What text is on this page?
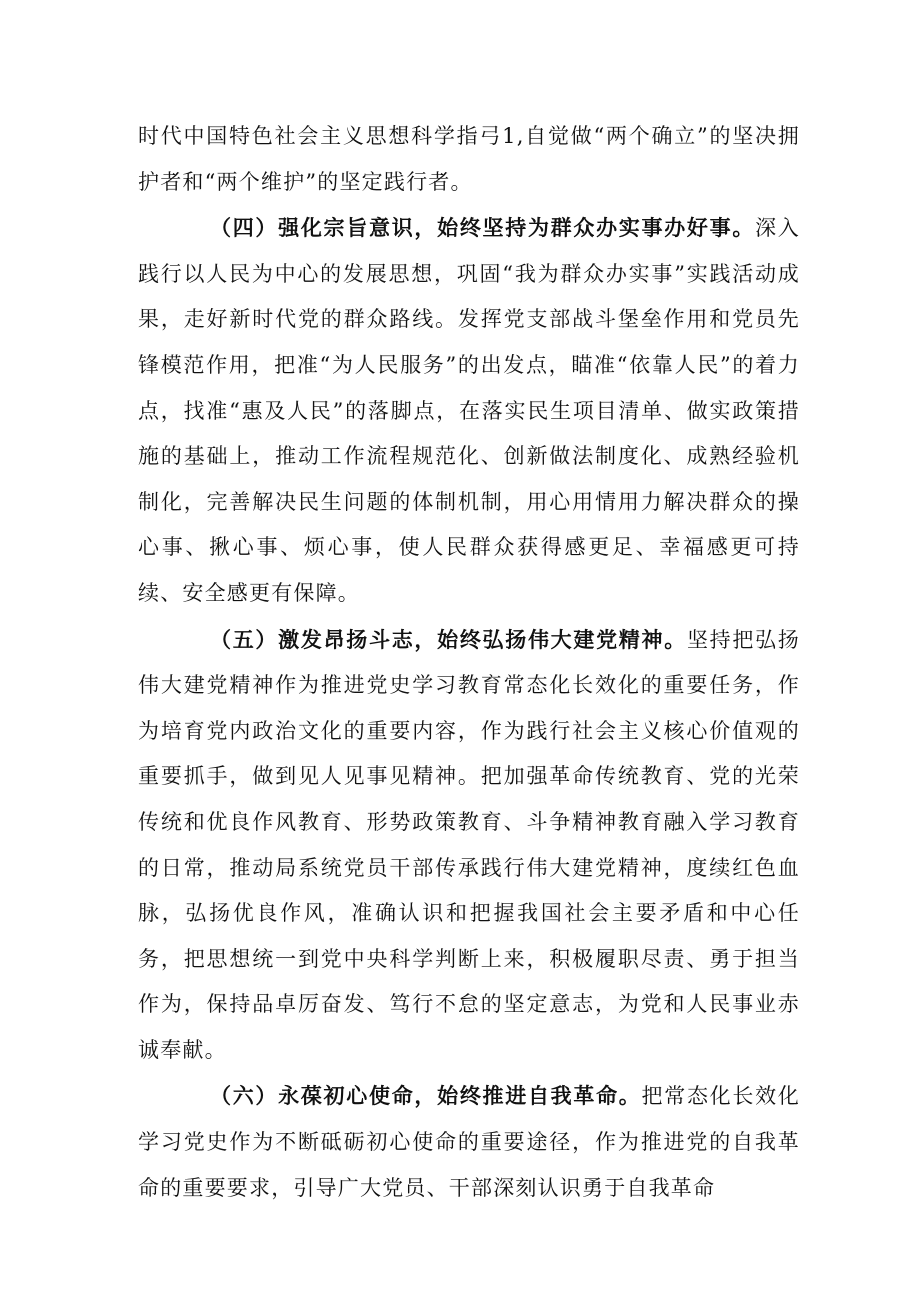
时代中国特色社会主义思想科学指弓1,自觉做“两个确立”的坚决拥护者和“两个维护”的坚定践行者。

（四）强化宗旨意识，始终坚持为群众办实事办好事。深入践行以人民为中心的发展思想，巩固“我为群众办实事”实践活动成果，走好新时代党的群众路线。发挥党支部战斗堡垒作用和党员先锋模范作用，把准“为人民服务”的出发点，瞄准“依靠人民”的着力点，找准“惠及人民”的落脚点，在落实民生项目清单、做实政策措施的基础上，推动工作流程规范化、创新做法制度化、成熟经验机制化，完善解决民生问题的体制机制，用心用情用力解决群众的操心事、揪心事、烦心事，使人民群众获得感更足、幸福感更可持续、安全感更有保障。

（五）激发昂扬斗志，始终弘扬伟大建党精神。坚持把弘扬伟大建党精神作为推进党史学习教育常态化长效化的重要任务，作为培育党内政治文化的重要内容，作为践行社会主义核心价值观的重要抓手，做到见人见事见精神。把加强革命传统教育、党的光荣传统和优良作风教育、形势政策教育、斗争精神教育融入学习教育的日常，推动局系统党员干部传承践行伟大建党精神，度续红色血脉，弘扬优良作风，准确认识和把握我国社会主要矛盾和中心任务，把思想统一到党中央科学判断上来，积极履职尽责、勇于担当作为，保持品卓厉奋发、笃行不怠的坚定意志，为党和人民事业赤诚奉献。

（六）永葆初心使命，始终推进自我革命。把常态化长效化学习党史作为不断砥砺初心使命的重要途径，作为推进党的自我革命的重要要求，引导广大党员、干部深刻认识勇于自我革命
